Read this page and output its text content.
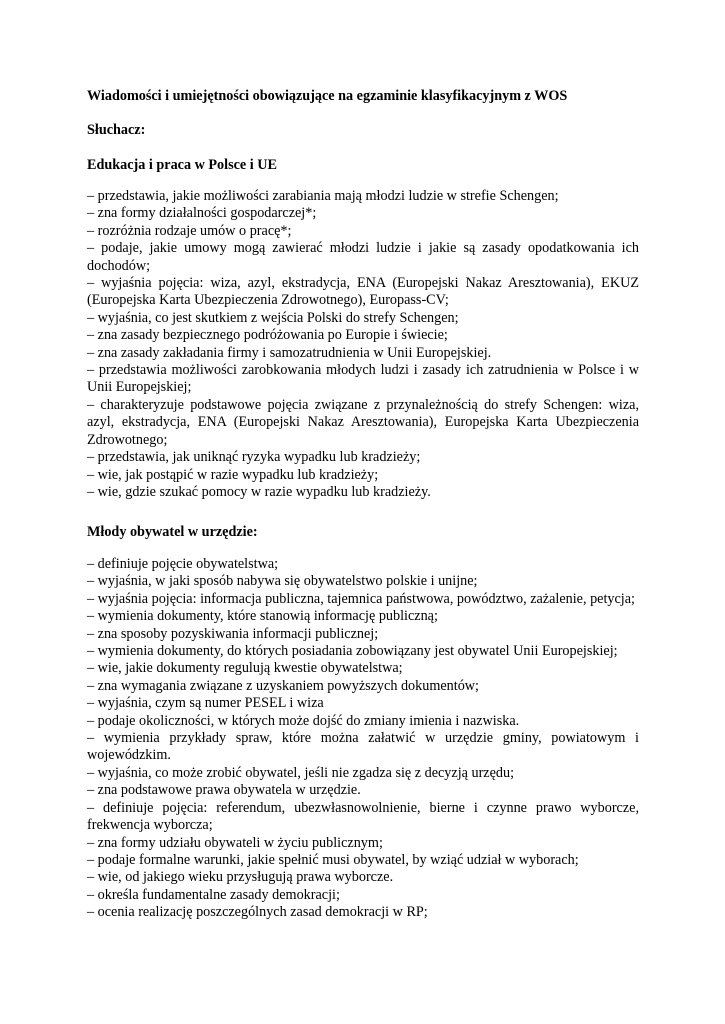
Wiadomości i umiejętności obowiązujące na egzaminie klasyfikacyjnym z WOS

Słuchacz:

Edukacja i praca w Polsce i UE

– przedstawia, jakie możliwości zarabiania mają młodzi ludzie w strefie Schengen;
– zna formy działalności gospodarczej*;
– rozróżnia rodzaje umów o pracę*;
– podaje, jakie umowy mogą zawierać młodzi ludzie i jakie są zasady opodatkowania ich dochodów;
– wyjaśnia pojęcia: wiza, azyl, ekstradycja, ENA (Europejski Nakaz Aresztowania), EKUZ (Europejska Karta Ubezpieczenia Zdrowotnego), Europass-CV;
– wyjaśnia, co jest skutkiem z wejścia Polski do strefy Schengen;
– zna zasady bezpiecznego podróżowania po Europie i świecie;
– zna zasady zakładania firmy i samozatrudnienia w Unii Europejskiej.
– przedstawia możliwości zarobkowania młodych ludzi i zasady ich zatrudnienia w Polsce i w Unii Europejskiej;
– charakteryzuje podstawowe pojęcia związane z przynależnością do strefy Schengen: wiza, azyl, ekstradycja, ENA (Europejski Nakaz Aresztowania), Europejska Karta Ubezpieczenia Zdrowotnego;
– przedstawia, jak uniknąć ryzyka wypadku lub kradzieży;
– wie, jak postąpić w razie wypadku lub kradzieży;
– wie, gdzie szukać pomocy w razie wypadku lub kradzieży.

Młody obywatel w urzędzie:

– definiuje pojęcie obywatelstwa;
– wyjaśnia, w jaki sposób nabywa się obywatelstwo polskie i unijne;
– wyjaśnia pojęcia: informacja publiczna, tajemnica państwowa, powództwo, zażalenie, petycja;
– wymienia dokumenty, które stanowią informację publiczną;
– zna sposoby pozyskiwania informacji publicznej;
– wymienia dokumenty, do których posiadania zobowiązany jest obywatel Unii Europejskiej;
– wie, jakie dokumenty regulują kwestie obywatelstwa;
– zna wymagania związane z uzyskaniem powyższych dokumentów;
– wyjaśnia, czym są numer PESEL i wiza
– podaje okoliczności, w których może dojść do zmiany imienia i nazwiska.
– wymienia przykłady spraw, które można załatwić w urzędzie gminy, powiatowym i wojewódzkim.
– wyjaśnia, co może zrobić obywatel, jeśli nie zgadza się z decyzją urzędu;
– zna podstawowe prawa obywatela w urzędzie.
– definiuje pojęcia: referendum, ubezwłasnowolnienie, bierne i czynne prawo wyborcze, frekwencja wyborcza;
– zna formy udziału obywateli w życiu publicznym;
– podaje formalne warunki, jakie spełnić musi obywatel, by wziąć udział w wyborach;
– wie, od jakiego wieku przysługują prawa wyborcze.
– określa fundamentalne zasady demokracji;
– ocenia realizację poszczególnych zasad demokracji w RP;
